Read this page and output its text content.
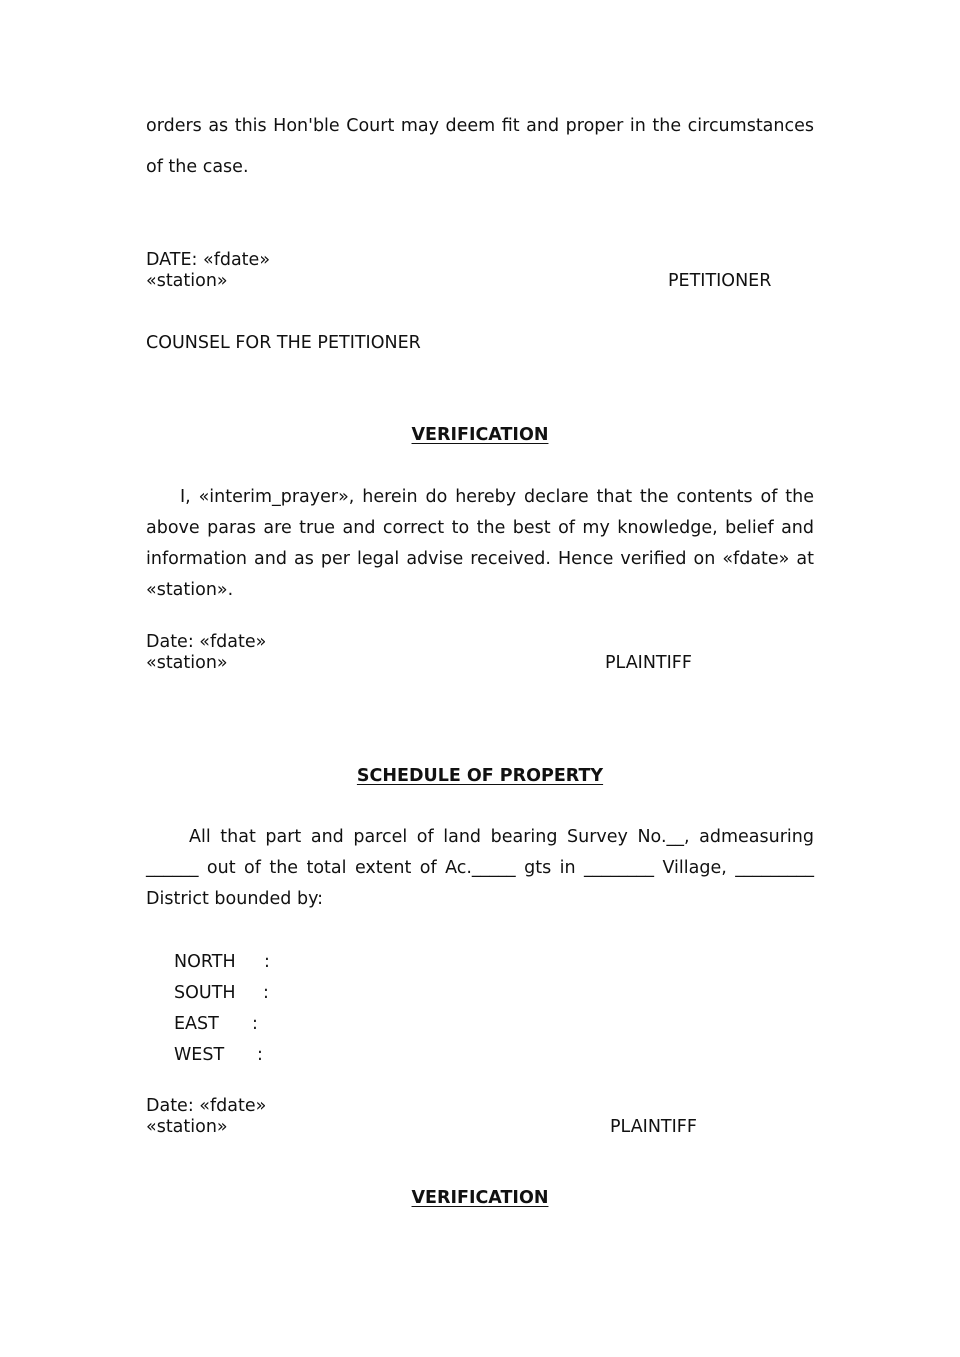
orders as this Hon'ble Court may deem fit and proper in the circumstances of the case.
DATE: «fdate»
«station»	PETITIONER
COUNSEL FOR THE PETITIONER
VERIFICATION
I, «interim_prayer», herein do hereby declare that the contents of the above paras are true and correct to the best of my knowledge, belief and information and as per legal advise received. Hence verified on «fdate» at «station».
Date: «fdate»
«station»	PLAINTIFF
SCHEDULE OF PROPERTY
All that part and parcel of land bearing Survey No.__, admeasuring ______ out of the total extent of Ac._____ gts in ________ Village, _________ District bounded by:
NORTH :
SOUTH :
EAST :
WEST :
Date: «fdate»
«station»	PLAINTIFF
VERIFICATION
